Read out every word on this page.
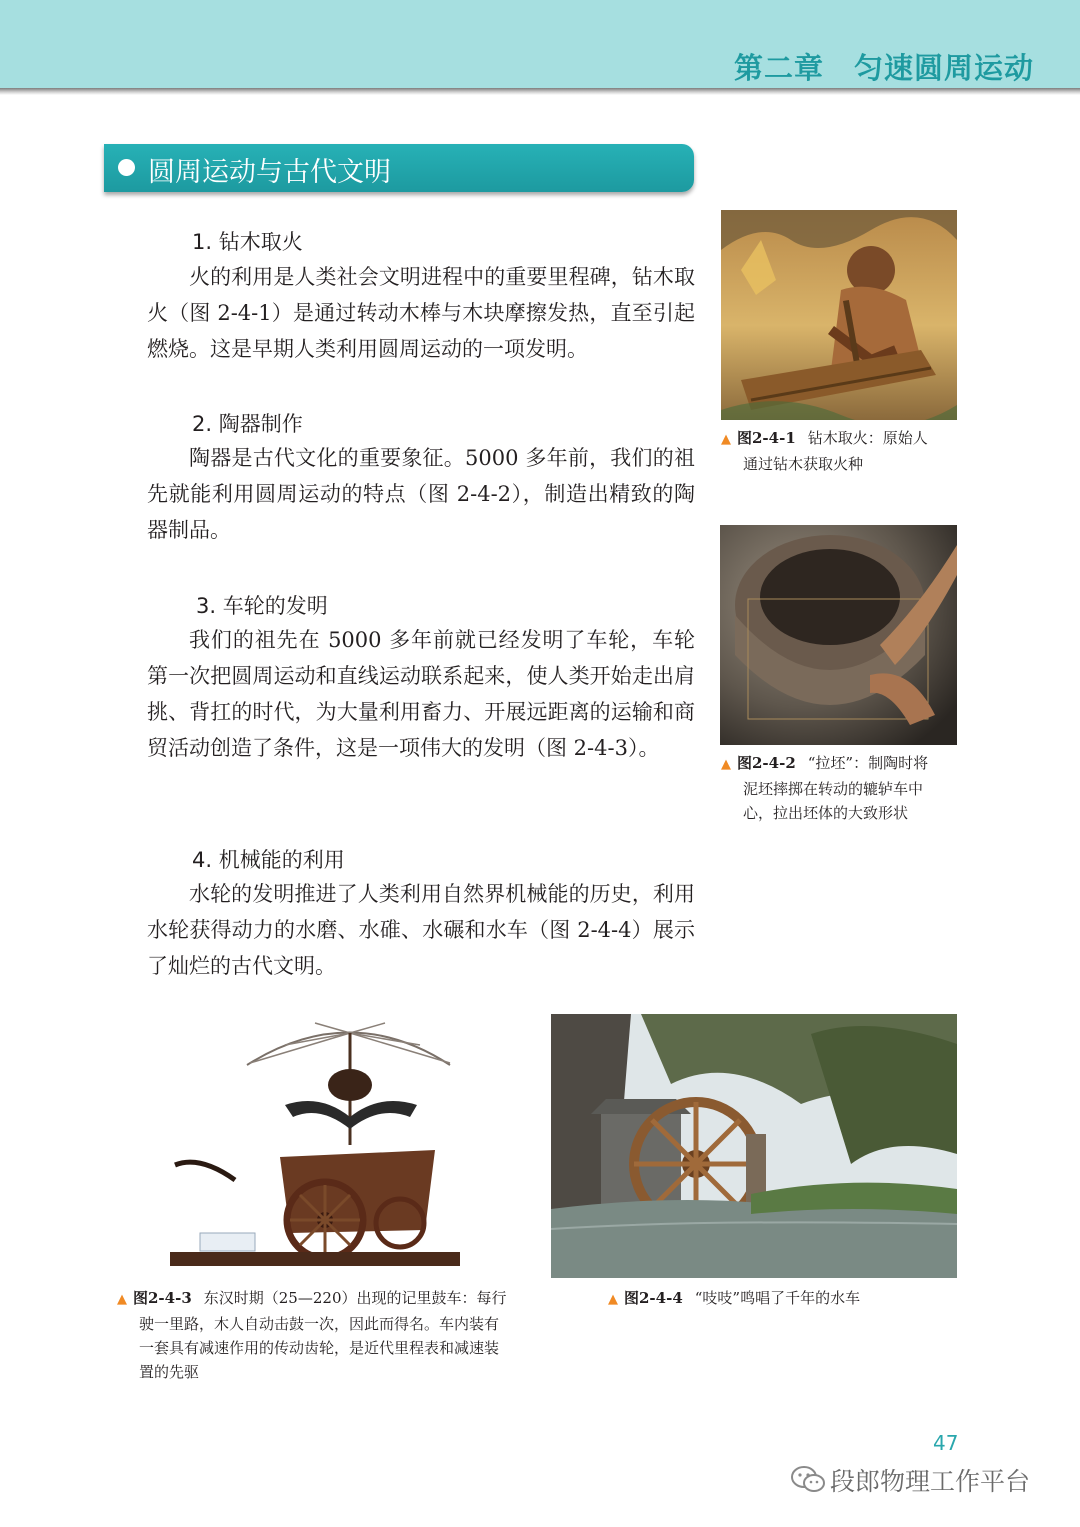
第二章 匀速圆周运动
圆周运动与古代文明
1. 钻木取火

火的利用是人类社会文明进程中的重要里程碑，钻木取火（图 2-4-1）是通过转动木棒与木块摩擦发热，直至引起燃烧。这是早期人类利用圆周运动的一项发明。

2. 陶器制作

陶器是古代文化的重要象征。5000 多年前，我们的祖先就能利用圆周运动的特点（图 2-4-2），制造出精致的陶器制品。

3. 车轮的发明

我们的祖先在 5000 多年前就已经发明了车轮，车轮第一次把圆周运动和直线运动联系起来，使人类开始走出肩挑、背扛的时代，为大量利用畜力、开展远距离的运输和商贸活动创造了条件，这是一项伟大的发明（图 2-4-3）。

4. 机械能的利用

水轮的发明推进了人类利用自然界机械能的历史，利用水轮获得动力的水磨、水碓、水碾和水车（图 2-4-4）展示了灿烂的古代文明。

▲ 图2-4-1 钻木取火：原始人
通过钻木获取火种
▲ 图2-4-2 “拉坯”：制陶时将
泥坯摔掷在转动的辘轳车中
心，拉出坯体的大致形状
▲ 图2-4-3 东汉时期（25—220）出现的记里鼓车：每行
驶一里路，木人自动击鼓一次，因此而得名。车内装有
一套具有减速作用的传动齿轮，是近代里程表和减速装
置的先驱
▲ 图2-4-4 “吱吱”鸣唱了千年的水车
47
段郎物理工作平台
